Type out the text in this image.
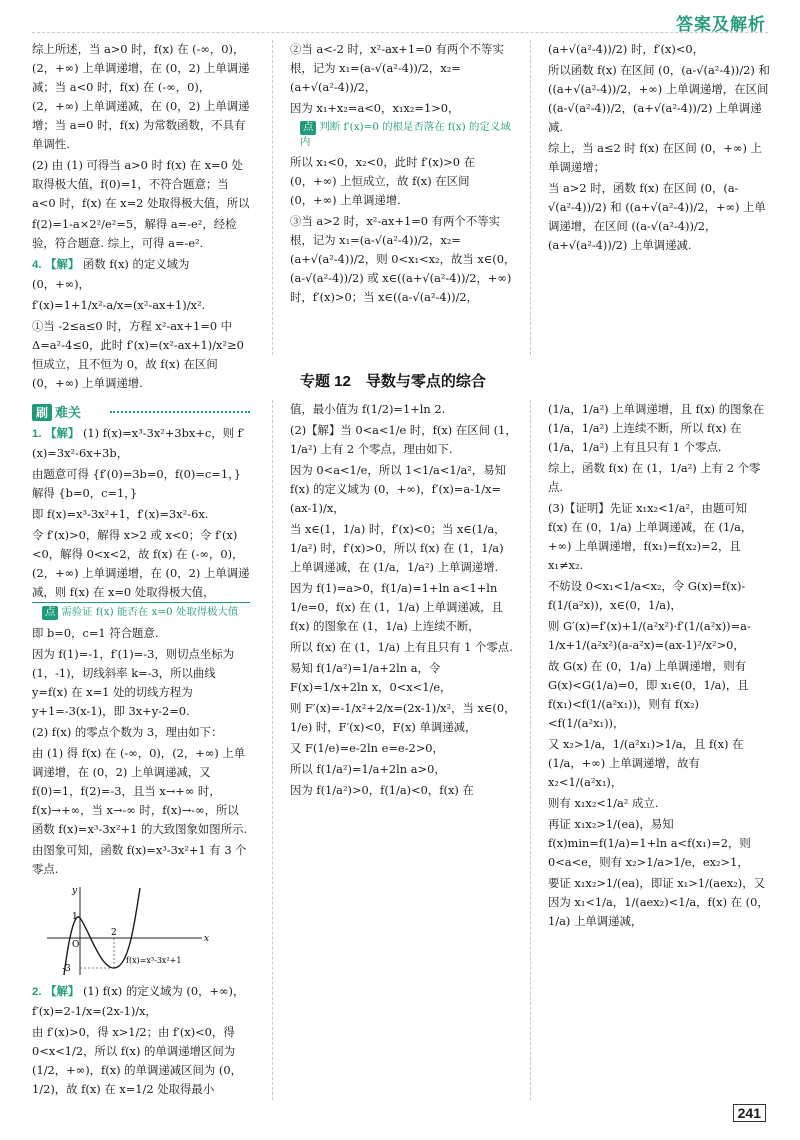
答案及解析

综上所述，当 a>0 时，f(x) 在 (-∞，0)，(2，+∞) 上单调递增，在 (0，2) 上单调递减；当 a<0 时，f(x) 在 (-∞，0)，(2，+∞) 上单调递减，在 (0，2) 上单调递增；当 a=0 时，f(x) 为常数函数，不具有单调性.

(2) 由 (1) 可得当 a>0 时 f(x) 在 x=0 处取得极大值，f(0)=1，不符合题意；当 a<0 时，f(x) 在 x=2 处取得极大值，所以

f(2)=1-a×2²/e²=5，解得 a=-e²，经检验，符合题意. 综上，可得 a=-e².

4. 【解】 函数 f(x) 的定义域为 (0，+∞)，

f′(x)=1+1/x²-a/x=(x²-ax+1)/x².

①当 -2≤a≤0 时，方程 x²-ax+1=0 中 Δ=a²-4≤0，此时 f′(x)=(x²-ax+1)/x²≥0 恒成立，且不恒为 0，故 f(x) 在区间 (0，+∞) 上单调递增.

②当 a<-2 时，x²-ax+1=0 有两个不等实根，记为 x₁=(a-√(a²-4))/2，x₂=(a+√(a²-4))/2，

因为 x₁+x₂=a<0，x₁x₂=1>0，

点 判断 f′(x)=0 的根是否落在 f(x) 的定义域内

所以 x₁<0，x₂<0，此时 f′(x)>0 在 (0，+∞) 上恒成立，故 f(x) 在区间 (0，+∞) 上单调递增.

③当 a>2 时，x²-ax+1=0 有两个不等实根，记为 x₁=(a-√(a²-4))/2，x₂=(a+√(a²-4))/2，则 0<x₁<x₂，故当 x∈(0，(a-√(a²-4))/2) 或 x∈((a+√(a²-4))/2，+∞) 时，f′(x)>0；当 x∈((a-√(a²-4))/2，

(a+√(a²-4))/2) 时，f′(x)<0，

所以函数 f(x) 在区间 (0，(a-√(a²-4))/2) 和 ((a+√(a²-4))/2，+∞) 上单调递增，在区间 ((a-√(a²-4))/2，(a+√(a²-4))/2) 上单调递减.

综上，当 a≤2 时 f(x) 在区间 (0，+∞) 上单调递增；

当 a>2 时，函数 f(x) 在区间 (0，(a-√(a²-4))/2) 和 ((a+√(a²-4))/2，+∞) 上单调递增，在区间 ((a-√(a²-4))/2，(a+√(a²-4))/2) 上单调递减.

专题 12　导数与零点的综合
刷 难关

1. 【解】 (1) f(x)=x³-3x²+3bx+c，则 f′(x)=3x²-6x+3b，

由题意可得 {f′(0)=3b=0，f(0)=c=1，} 解得 {b=0，c=1，}

即 f(x)=x³-3x²+1，f′(x)=3x²-6x.

令 f′(x)>0，解得 x>2 或 x<0；令 f′(x)<0，解得 0<x<2，故 f(x) 在 (-∞，0)，(2，+∞) 上单调递增，在 (0，2) 上单调递减，则 f(x) 在 x=0 处取得极大值，

点 需验证 f(x) 能否在 x=0 处取得极大值

即 b=0，c=1 符合题意.

因为 f(1)=-1，f′(1)=-3，则切点坐标为 (1，-1)，切线斜率 k=-3，所以曲线 y=f(x) 在 x=1 处的切线方程为 y+1=-3(x-1)，即 3x+y-2=0.

(2) f(x) 的零点个数为 3，理由如下：

由 (1) 得 f(x) 在 (-∞，0)，(2，+∞) 上单调递增，在 (0，2) 上单调递减，又 f(0)=1，f(2)=-3，且当 x→+∞ 时，f(x)→+∞，当 x→-∞ 时，f(x)→-∞，所以函数 f(x)=x³-3x²+1 的大致图象如图所示.

由图象可知，函数 f(x)=x³-3x²+1 有 3 个零点.

y
x
1
O
2
-3
f(x)=x³-3x²+1

2. 【解】 (1) f(x) 的定义域为 (0，+∞)，f′(x)=2-1/x=(2x-1)/x，

由 f′(x)>0，得 x>1/2；由 f′(x)<0，得 0<x<1/2，所以 f(x) 的单调递增区间为 (1/2，+∞)，f(x) 的单调递减区间为 (0，1/2)，故 f(x) 在 x=1/2 处取得最小

值，最小值为 f(1/2)=1+ln 2.

(2)【解】当 0<a<1/e 时，f(x) 在区间 (1，1/a²) 上有 2 个零点，理由如下.

因为 0<a<1/e，所以 1<1/a<1/a²，易知 f(x) 的定义域为 (0，+∞)，f′(x)=a-1/x=(ax-1)/x，

当 x∈(1，1/a) 时，f′(x)<0；当 x∈(1/a，1/a²) 时，f′(x)>0，所以 f(x) 在 (1，1/a) 上单调递减，在 (1/a，1/a²) 上单调递增.

因为 f(1)=a>0，f(1/a)=1+ln a<1+ln 1/e=0，f(x) 在 (1，1/a) 上单调递减，且 f(x) 的图象在 (1，1/a) 上连续不断，

所以 f(x) 在 (1，1/a) 上有且只有 1 个零点.

易知 f(1/a²)=1/a+2ln a，令 F(x)=1/x+2ln x，0<x<1/e，

则 F′(x)=-1/x²+2/x=(2x-1)/x²，当 x∈(0，1/e) 时，F′(x)<0，F(x) 单调递减，

又 F(1/e)=e-2ln e=e-2>0，

所以 f(1/a²)=1/a+2ln a>0，

因为 f(1/a²)>0，f(1/a)<0，f(x) 在

(1/a，1/a²) 上单调递增，且 f(x) 的图象在 (1/a，1/a²) 上连续不断，所以 f(x) 在 (1/a，1/a²) 上有且只有 1 个零点.

综上，函数 f(x) 在 (1，1/a²) 上有 2 个零点.

(3)【证明】先证 x₁x₂<1/a²，由题可知 f(x) 在 (0，1/a) 上单调递减，在 (1/a，+∞) 上单调递增，f(x₁)=f(x₂)=2，且 x₁≠x₂.

不妨设 0<x₁<1/a<x₂，令 G(x)=f(x)-f(1/(a²x))，x∈(0，1/a)，

则 G′(x)=f′(x)+1/(a²x²)·f′(1/(a²x))=a-1/x+1/(a²x²)(a-a²x)=(ax-1)²/x²>0，

故 G(x) 在 (0，1/a) 上单调递增，则有 G(x)<G(1/a)=0，即 x₁∈(0，1/a)，且 f(x₁)<f(1/(a²x₁))，则有 f(x₂)<f(1/(a²x₁))，

又 x₂>1/a，1/(a²x₁)>1/a，且 f(x) 在 (1/a，+∞) 上单调递增，故有 x₂<1/(a²x₁)，

则有 x₁x₂<1/a² 成立.

再证 x₁x₂>1/(ea)，易知 f(x)min=f(1/a)=1+ln a<f(x₁)=2，则 0<a<e，则有 x₂>1/a>1/e，ex₂>1，

要证 x₁x₂>1/(ea)，即证 x₁>1/(aex₂)，又因为 x₁<1/a，1/(aex₂)<1/a，f(x) 在 (0，1/a) 上单调递减，

241
